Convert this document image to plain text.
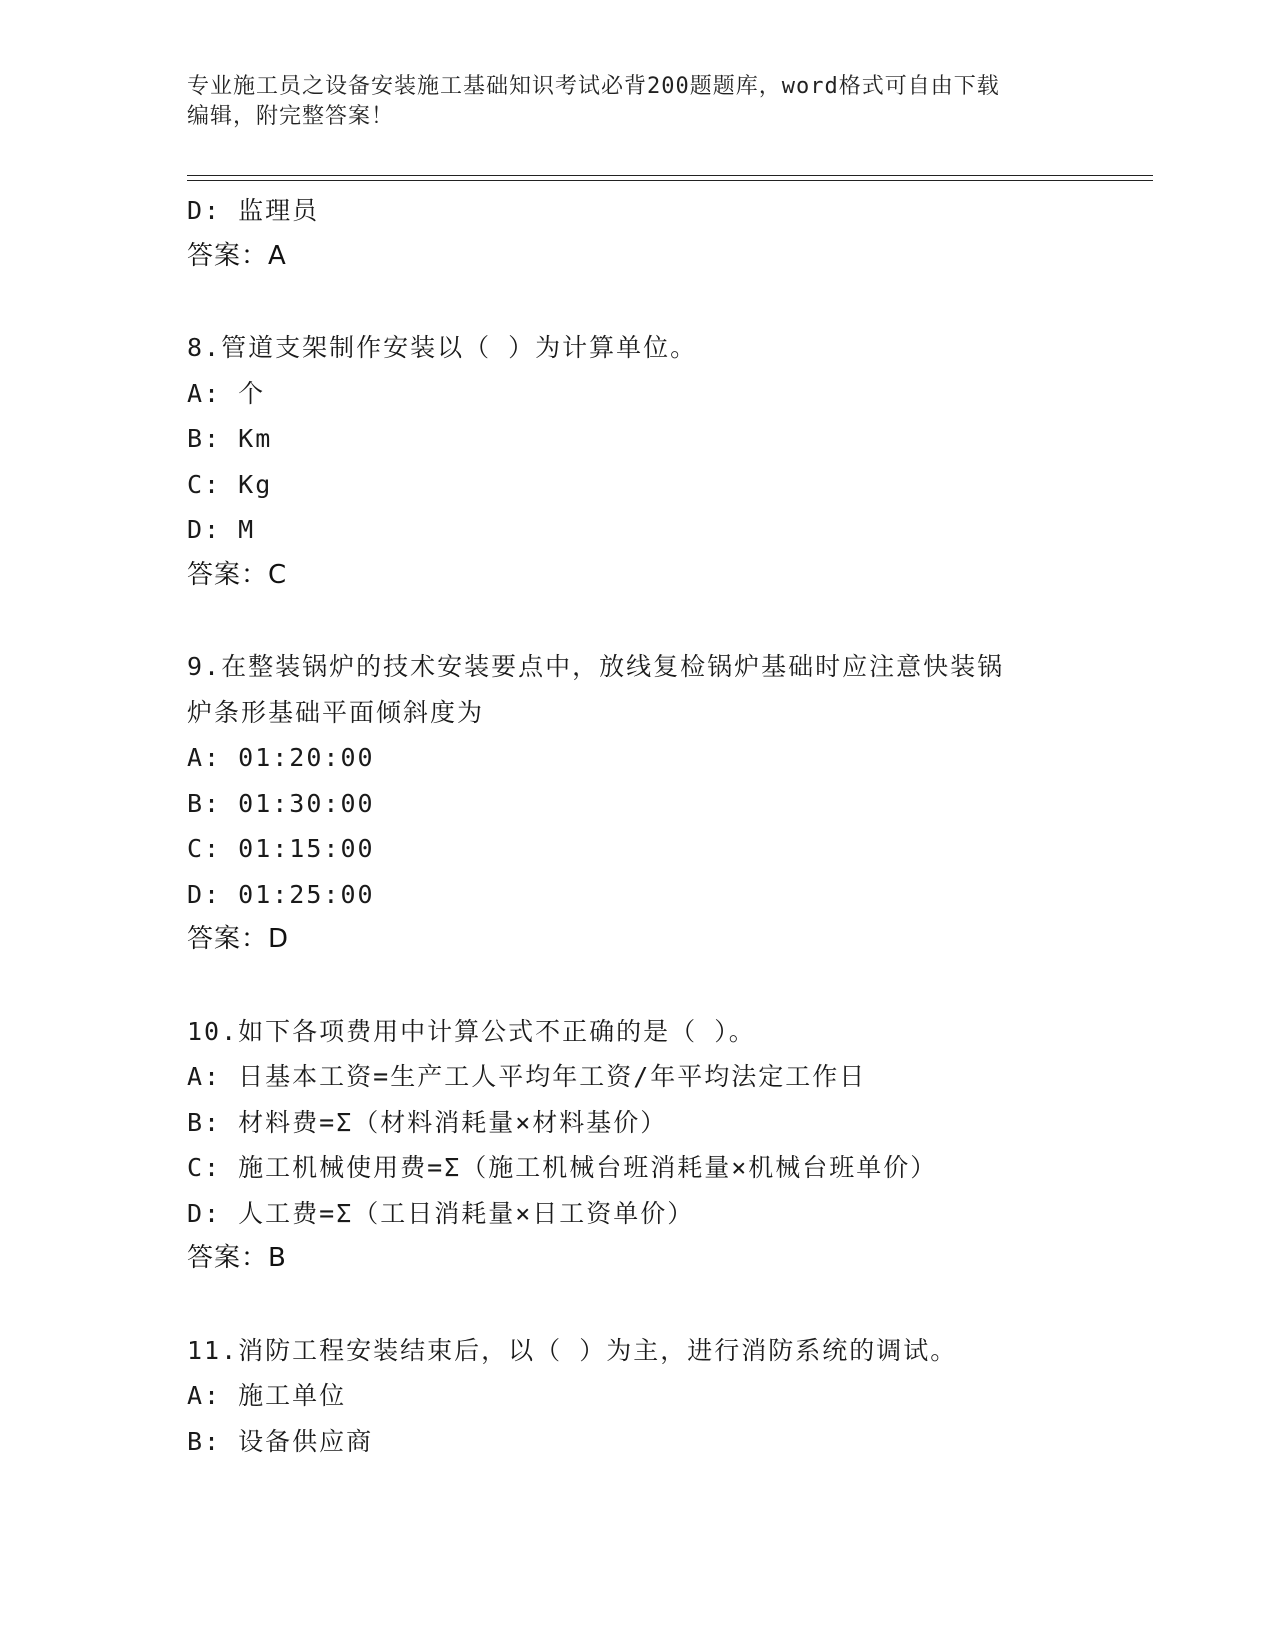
专业施工员之设备安装施工基础知识考试必背200题题库，word格式可自由下载

编辑，附完整答案！

D: 监理员
答案：A
8.管道支架制作安装以（ ）为计算单位。
A: 个
B: Km
C: Kg
D: M
答案：C
9.在整装锅炉的技术安装要点中，放线复检锅炉基础时应注意快装锅
炉条形基础平面倾斜度为
A: 01:20:00
B: 01:30:00
C: 01:15:00
D: 01:25:00
答案：D
10.如下各项费用中计算公式不正确的是（ ）。
A: 日基本工资=生产工人平均年工资/年平均法定工作日
B: 材料费=Σ（材料消耗量×材料基价）
C: 施工机械使用费=Σ（施工机械台班消耗量×机械台班单价）
D: 人工费=Σ（工日消耗量×日工资单价）
答案：B
11.消防工程安装结束后，以（ ）为主，进行消防系统的调试。
A: 施工单位
B: 设备供应商
